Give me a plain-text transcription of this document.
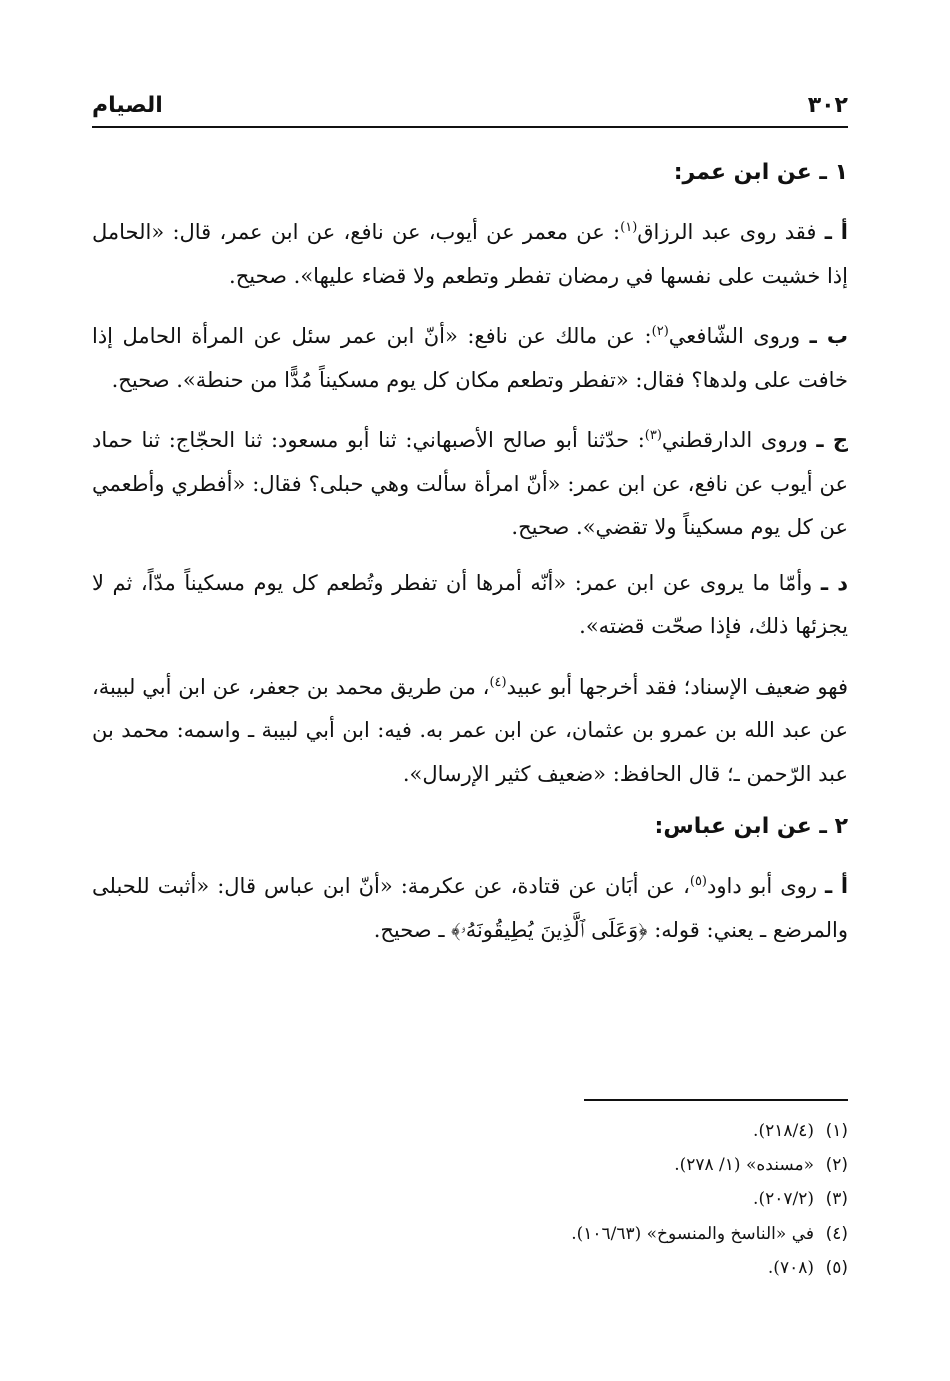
٣٠٢
الصيام
١ ـ عن ابن عمر:

أ ـ فقد روى عبد الرزاق$^{(١)}$: عن معمر عن أيوب، عن نافع، عن ابن عمر، قال: «الحامل إذا خشيت على نفسها في رمضان تفطر وتطعم ولا قضاء عليها». صحيح.

ب ـ وروى الشّافعي$^{(٢)}$: عن مالك عن نافع: «أنّ ابن عمر سئل عن المرأة الحامل إذا خافت على ولدها؟ فقال: «تفطر وتطعم مكان كل يوم مسكيناً مُدًّا من حنطة». صحيح.

ج ـ وروى الدارقطني$^{(٣)}$: حدّثنا أبو صالح الأصبهاني: ثنا أبو مسعود: ثنا الحجّاج: ثنا حماد عن أيوب عن نافع، عن ابن عمر: «أنّ امرأة سألت وهي حبلى؟ فقال: «أفطري وأطعمي عن كل يوم مسكيناً ولا تقضي». صحيح.

د ـ وأمّا ما يروى عن ابن عمر: «أنّه أمرها أن تفطر وتُطعم كل يوم مسكيناً مدّاً، ثم لا يجزئها ذلك، فإذا صحّت قضته».

فهو ضعيف الإسناد؛ فقد أخرجها أبو عبيد$^{(٤)}$، من طريق محمد بن جعفر، عن ابن أبي لبيبة، عن عبد الله بن عمرو بن عثمان، عن ابن عمر به. فيه: ابن أبي لبيبة ـ واسمه: محمد بن عبد الرّحمن ـ؛ قال الحافظ: «ضعيف كثير الإرسال».

٢ ـ عن ابن عباس:

أ ـ روى أبو داود$^{(٥)}$، عن أبَان عن قتادة، عن عكرمة: «أنّ ابن عباس قال: «أثبت للحبلى والمرضع ـ يعني: قوله: ﴿وَعَلَى ٱلَّذِينَ يُطِيقُونَهُۥ﴾ ـ صحيح.

(١)(٢١٨/٤).
(٢)«مسنده» (١/ ٢٧٨).
(٣)(٢٠٧/٢).
(٤)في «الناسخ والمنسوخ» (١٠٦/٦٣).
(٥)(٧٠٨).
